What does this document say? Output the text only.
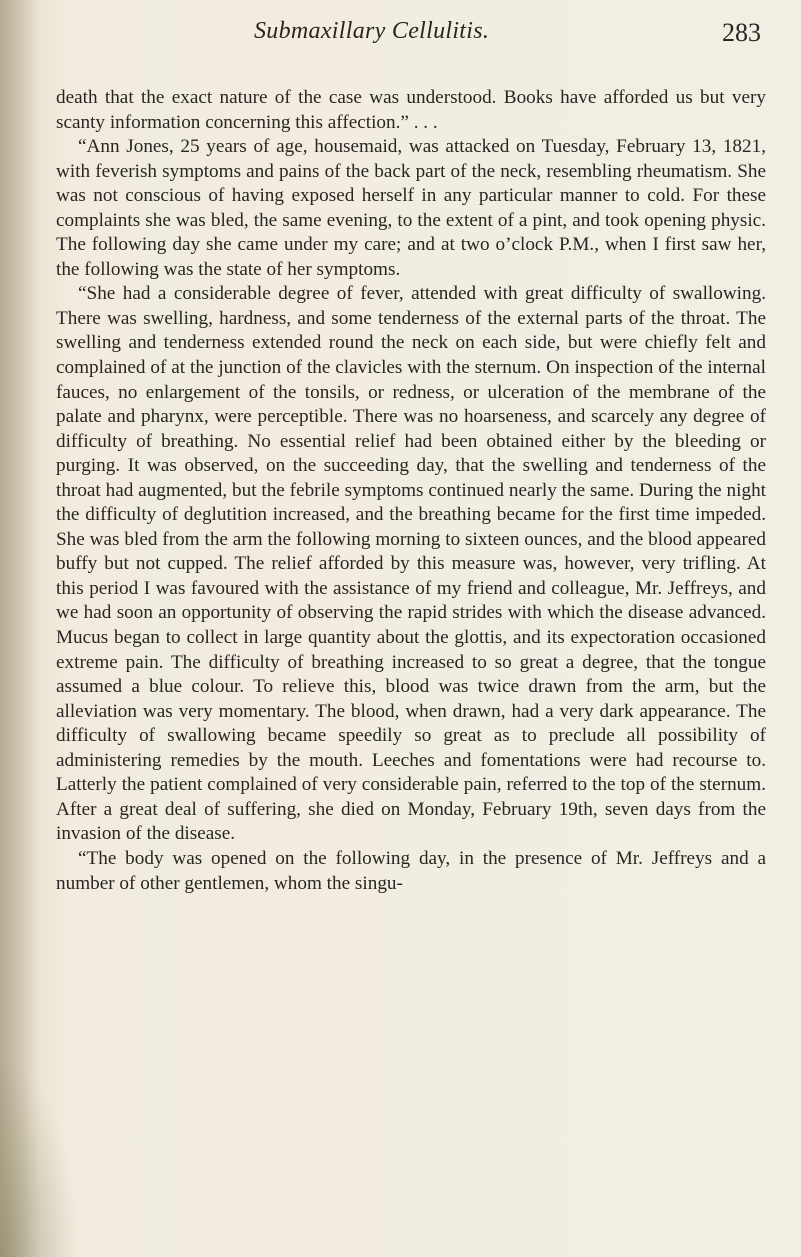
Submaxillary Cellulitis.	283

death that the exact nature of the case was understood. Books have afforded us but very scanty information concerning this affection.” . . .

“Ann Jones, 25 years of age, housemaid, was attacked on Tuesday, February 13, 1821, with feverish symptoms and pains of the back part of the neck, resembling rheumatism. She was not conscious of having exposed herself in any particular manner to cold. For these complaints she was bled, the same evening, to the extent of a pint, and took opening physic. The following day she came under my care; and at two o’clock P.M., when I first saw her, the following was the state of her symptoms.

“She had a considerable degree of fever, attended with great difficulty of swallowing. There was swelling, hardness, and some tenderness of the external parts of the throat. The swelling and tenderness extended round the neck on each side, but were chiefly felt and complained of at the junction of the clavicles with the sternum. On inspection of the internal fauces, no enlargement of the tonsils, or redness, or ulceration of the membrane of the palate and pharynx, were perceptible. There was no hoarseness, and scarcely any degree of difficulty of breathing. No essential relief had been obtained either by the bleeding or purging. It was observed, on the succeeding day, that the swelling and tenderness of the throat had augmented, but the febrile symptoms continued nearly the same. During the night the difficulty of deglutition increased, and the breathing became for the first time impeded. She was bled from the arm the following morning to sixteen ounces, and the blood appeared buffy but not cupped. The relief afforded by this measure was, however, very trifling. At this period I was favoured with the assistance of my friend and colleague, Mr. Jeffreys, and we had soon an opportunity of observing the rapid strides with which the disease advanced. Mucus began to collect in large quantity about the glottis, and its expectoration occasioned extreme pain. The difficulty of breathing increased to so great a degree, that the tongue assumed a blue colour. To relieve this, blood was twice drawn from the arm, but the alleviation was very momentary. The blood, when drawn, had a very dark appearance. The difficulty of swallowing became speedily so great as to preclude all possibility of administering remedies by the mouth. Leeches and fomentations were had recourse to. Latterly the patient complained of very considerable pain, referred to the top of the sternum. After a great deal of suffering, she died on Monday, February 19th, seven days from the invasion of the disease.

“The body was opened on the following day, in the presence of Mr. Jeffreys and a number of other gentlemen, whom the singu-
